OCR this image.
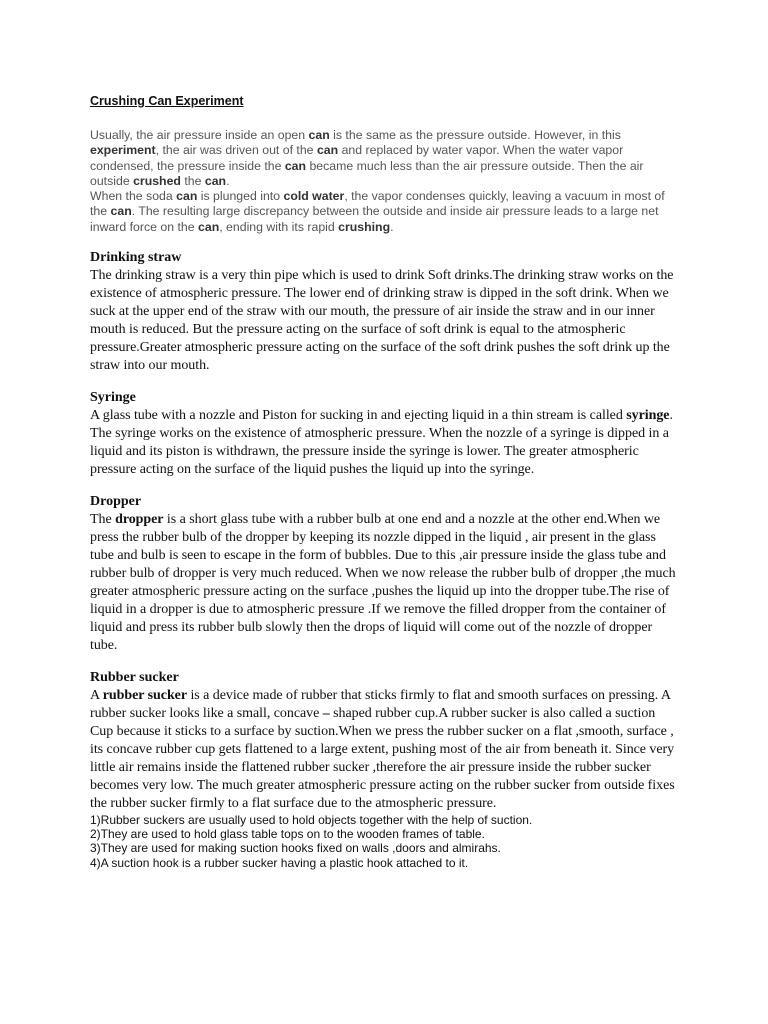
Crushing Can Experiment

Usually, the air pressure inside an open can is the same as the pressure outside. However, in this experiment, the air was driven out of the can and replaced by water vapor. When the water vapor condensed, the pressure inside the can became much less than the air pressure outside. Then the air outside crushed the can.

When the soda can is plunged into cold water, the vapor condenses quickly, leaving a vacuum in most of the can. The resulting large discrepancy between the outside and inside air pressure leads to a large net inward force on the can, ending with its rapid crushing.

Drinking straw

The drinking straw is a very thin pipe which is used to drink Soft drinks.The drinking straw works on the existence of atmospheric pressure. The lower end of drinking straw is dipped in the soft drink. When we suck at the upper end of the straw with our mouth, the pressure of air inside the straw and in our inner mouth is reduced. But the pressure acting on the surface of soft drink is equal to the atmospheric pressure.Greater atmospheric pressure acting on the surface of the soft drink pushes the soft drink up the straw into our mouth.

Syringe

A glass tube with a nozzle and Piston for sucking in and ejecting liquid in a thin stream is called syringe. The syringe works on the existence of atmospheric pressure. When the nozzle of a syringe is dipped in a liquid and its piston is withdrawn, the pressure inside the syringe is lower. The greater atmospheric pressure acting on the surface of the liquid pushes the liquid up into the syringe.

Dropper

The dropper is a short glass tube with a rubber bulb at one end and a nozzle at the other end.When we press the rubber bulb of the dropper by keeping its nozzle dipped in the liquid , air present in the glass tube and bulb is seen to escape in the form of bubbles. Due to this ,air pressure inside the glass tube and rubber bulb of dropper is very much reduced. When we now release the rubber bulb of dropper ,the much greater atmospheric pressure acting on the surface ,pushes the liquid up into the dropper tube.The rise of liquid in a dropper is due to atmospheric pressure .If we remove the filled dropper from the container of liquid and press its rubber bulb slowly then the drops of liquid will come out of the nozzle of dropper tube.

Rubber sucker

A rubber sucker is a device made of rubber that sticks firmly to flat and smooth surfaces on pressing. A rubber sucker looks like a small, concave – shaped rubber cup.A rubber sucker is also called a suction Cup because it sticks to a surface by suction.When we press the rubber sucker on a flat ,smooth, surface , its concave rubber cup gets flattened to a large extent, pushing most of the air from beneath it. Since very little air remains inside the flattened rubber sucker ,therefore the air pressure inside the rubber sucker becomes very low. The much greater atmospheric pressure acting on the rubber sucker from outside fixes the rubber sucker firmly to a flat surface due to the atmospheric pressure.

1)Rubber suckers are usually used to hold objects together with the help of suction.
2)They are used to hold glass table tops on to the wooden frames of table.
3)They are used for making suction hooks fixed on walls ,doors and almirahs.
4)A suction hook is a rubber sucker having a plastic hook attached to it.
